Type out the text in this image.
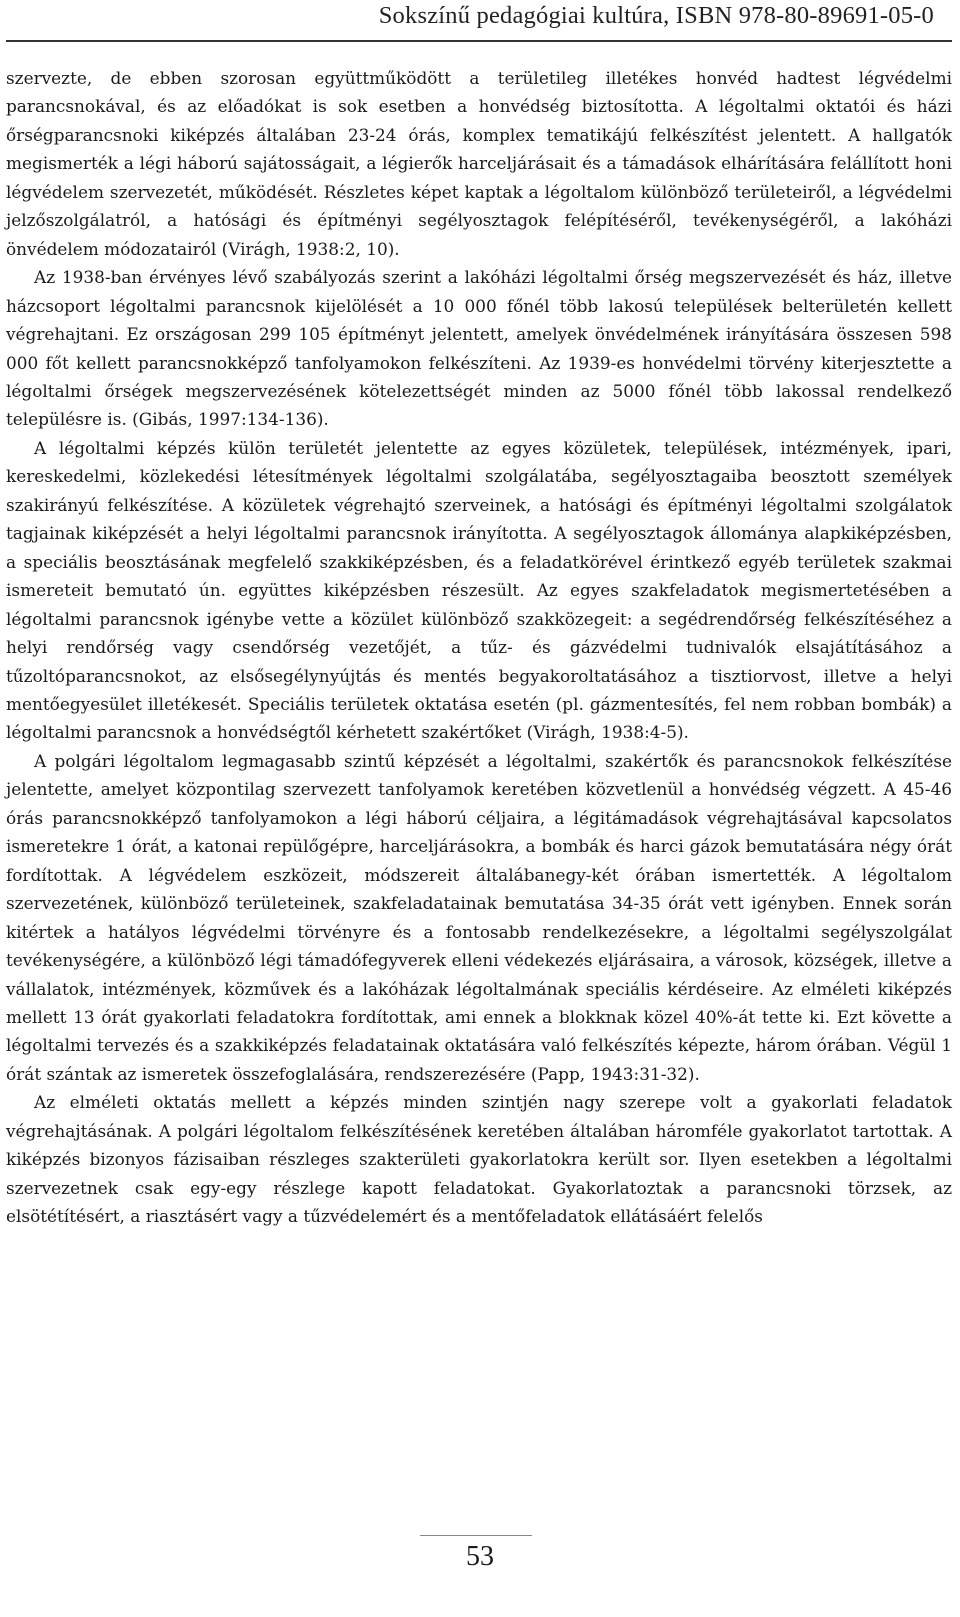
Sokszínű pedagógiai kultúra, ISBN 978-80-89691-05-0

szervezte, de ebben szorosan együttműködött a területileg illetékes honvéd hadtest légvédelmi parancsnokával, és az előadókat is sok esetben a honvédség biztosította. A légoltalmi oktatói és házi őrségparancsnoki kiképzés általában 23-24 órás, komplex tematikájú felkészítést jelentett. A hallgatók megismerték a légi háború sajátosságait, a légierők harceljárásait és a támadások elhárítására felállított honi légvédelem szervezetét, működését. Részletes képet kaptak a légoltalom különböző területeiről, a légvédelmi jelzőszolgálatról, a hatósági és építményi segélyosztagok felépítéséről, tevékenységéről, a lakóházi önvédelem módozatairól (Virágh, 1938:2, 10).

Az 1938-ban érvényes lévő szabályozás szerint a lakóházi légoltalmi őrség megszervezését és ház, illetve házcsoport légoltalmi parancsnok kijelölését a 10 000 főnél több lakosú települések belterületén kellett végrehajtani. Ez országosan 299 105 építményt jelentett, amelyek önvédelmének irányítására összesen 598 000 főt kellett parancsnokképző tanfolyamokon felkészíteni. Az 1939-es honvédelmi törvény kiterjesztette a légoltalmi őrségek megszervezésének kötelezettségét minden az 5000 főnél több lakossal rendelkező településre is. (Gibás, 1997:134-136).

A légoltalmi képzés külön területét jelentette az egyes közületek, települések, intézmények, ipari, kereskedelmi, közlekedési létesítmények légoltalmi szolgálatába, segélyosztagaiba beosztott személyek szakirányú felkészítése. A közületek végrehajtó szerveinek, a hatósági és építményi légoltalmi szolgálatok tagjainak kiképzését a helyi légoltalmi parancsnok irányította. A segélyosztagok állománya alapkiképzésben, a speciális beosztásának megfelelő szakkiképzésben, és a feladatkörével érintkező egyéb területek szakmai ismereteit bemutató ún. együttes kiképzésben részesült. Az egyes szakfeladatok megismertetésében a légoltalmi parancsnok igénybe vette a közület különböző szakközegeit: a segédrendőrség felkészítéséhez a helyi rendőrség vagy csendőrség vezetőjét, a tűz- és gázvédelmi tudnivalók elsajátításához a tűzoltóparancsnokot, az elsősegélynyújtás és mentés begyakoroltatásához a tisztiorvost, illetve a helyi mentőegyesület illetékesét. Speciális területek oktatása esetén (pl. gázmentesítés, fel nem robban bombák) a légoltalmi parancsnok a honvédségtől kérhetett szakértőket (Virágh, 1938:4-5).

A polgári légoltalom legmagasabb szintű képzését a légoltalmi, szakértők és parancsnokok felkészítése jelentette, amelyet központilag szervezett tanfolyamok keretében közvetlenül a honvédség végzett. A 45-46 órás parancsnokképző tanfolyamokon a légi háború céljaira, a légitámadások végrehajtásával kapcsolatos ismeretekre 1 órát, a katonai repülőgépre, harceljárásokra, a bombák és harci gázok bemutatására négy órát fordítottak. A légvédelem eszközeit, módszereit általábanegy-két órában ismertették. A légoltalom szervezetének, különböző területeinek, szakfeladatainak bemutatása 34-35 órát vett igényben. Ennek során kitértek a hatályos légvédelmi törvényre és a fontosabb rendelkezésekre, a légoltalmi segélyszolgálat tevékenységére, a különböző légi támadófegyverek elleni védekezés eljárásaira, a városok, községek, illetve a vállalatok, intézmények, közművek és a lakóházak légoltalmának speciális kérdéseire. Az elméleti kiképzés mellett 13 órát gyakorlati feladatokra fordítottak, ami ennek a blokknak közel 40%-át tette ki. Ezt követte a légoltalmi tervezés és a szakkiképzés feladatainak oktatására való felkészítés képezte, három órában. Végül 1 órát szántak az ismeretek összefoglalására, rendszerezésére (Papp, 1943:31-32).

Az elméleti oktatás mellett a képzés minden szintjén nagy szerepe volt a gyakorlati feladatok végrehajtásának. A polgári légoltalom felkészítésének keretében általában háromféle gyakorlatot tartottak. A kiképzés bizonyos fázisaiban részleges szakterületi gyakorlatokra került sor. Ilyen esetekben a légoltalmi szervezetnek csak egy-egy részlege kapott feladatokat. Gyakorlatoztak a parancsnoki törzsek, az elsötétítésért, a riasztásért vagy a tűzvédelemért és a mentőfeladatok ellátásáért felelős

53
